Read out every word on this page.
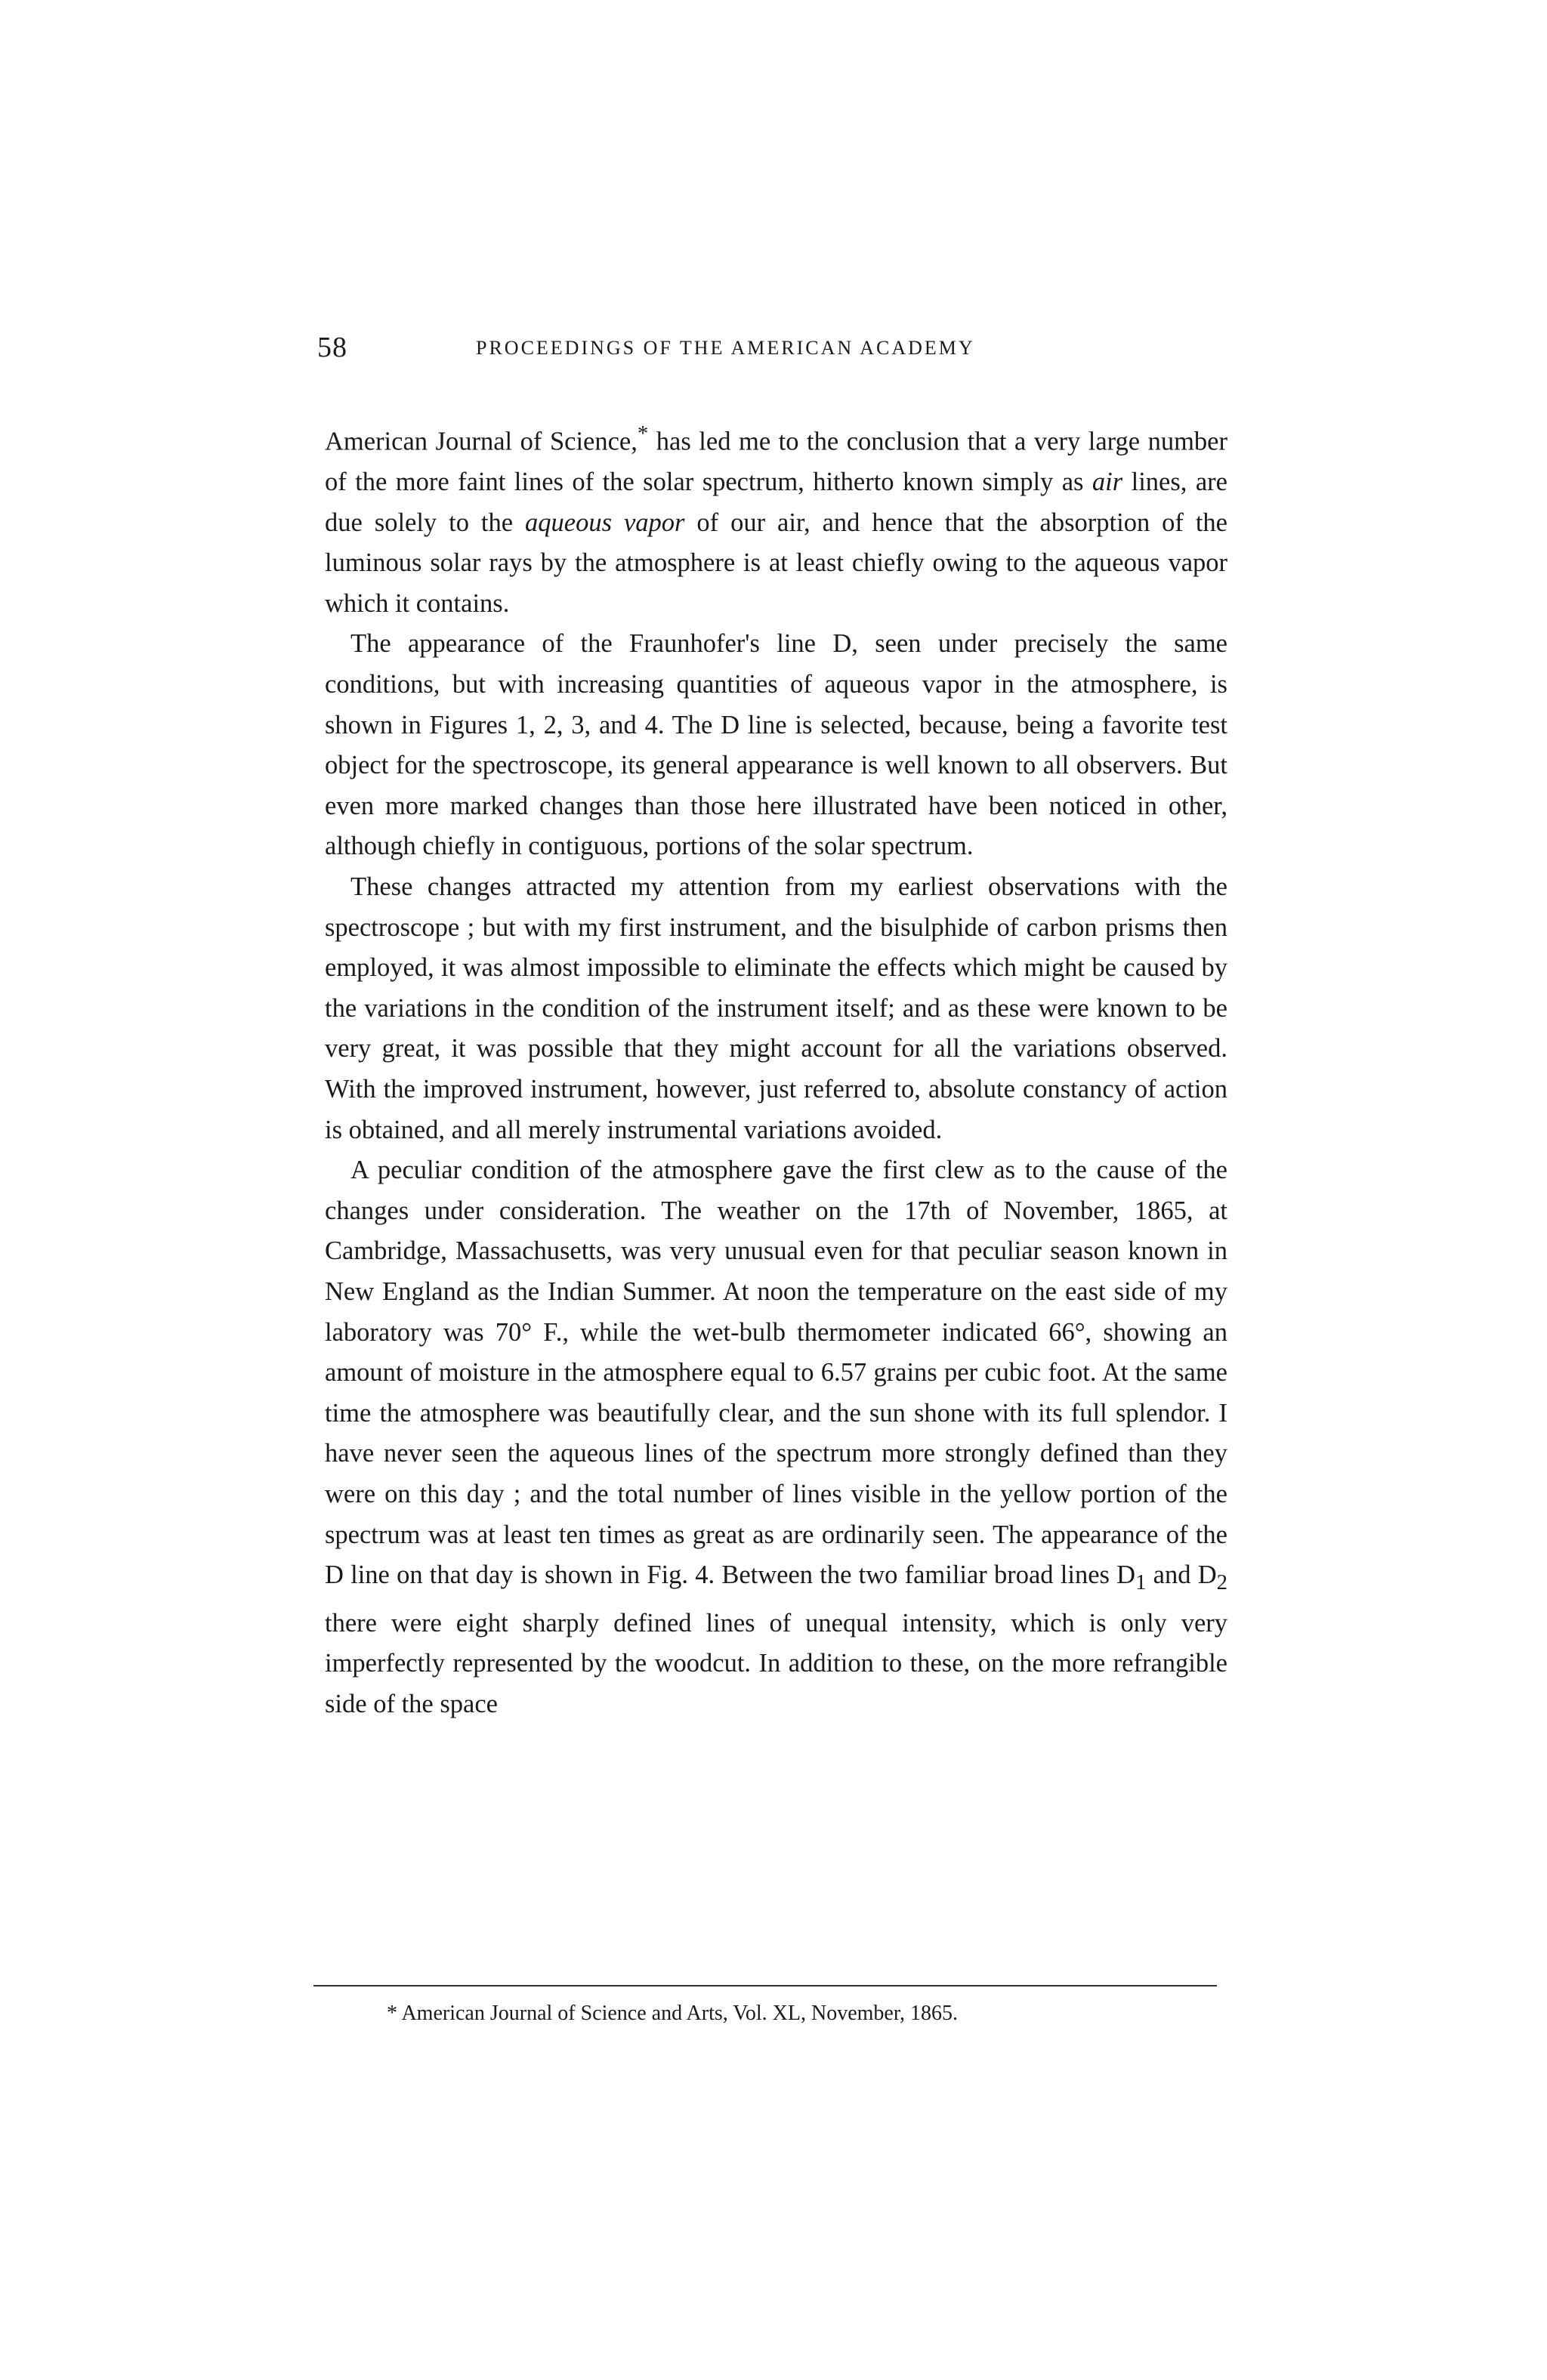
58	PROCEEDINGS OF THE AMERICAN ACADEMY

American Journal of Science,* has led me to the conclusion that a very large number of the more faint lines of the solar spectrum, hitherto known simply as air lines, are due solely to the aqueous vapor of our air, and hence that the absorption of the luminous solar rays by the atmosphere is at least chiefly owing to the aqueous vapor which it contains.

The appearance of the Fraunhofer's line D, seen under precisely the same conditions, but with increasing quantities of aqueous vapor in the atmosphere, is shown in Figures 1, 2, 3, and 4. The D line is selected, because, being a favorite test object for the spectroscope, its general appearance is well known to all observers. But even more marked changes than those here illustrated have been noticed in other, although chiefly in contiguous, portions of the solar spectrum.

These changes attracted my attention from my earliest observations with the spectroscope ; but with my first instrument, and the bisulphide of carbon prisms then employed, it was almost impossible to eliminate the effects which might be caused by the variations in the condition of the instrument itself; and as these were known to be very great, it was possible that they might account for all the variations observed. With the improved instrument, however, just referred to, absolute constancy of action is obtained, and all merely instrumental variations avoided.

A peculiar condition of the atmosphere gave the first clew as to the cause of the changes under consideration. The weather on the 17th of November, 1865, at Cambridge, Massachusetts, was very unusual even for that peculiar season known in New England as the Indian Summer. At noon the temperature on the east side of my laboratory was 70° F., while the wet-bulb thermometer indicated 66°, showing an amount of moisture in the atmosphere equal to 6.57 grains per cubic foot. At the same time the atmosphere was beautifully clear, and the sun shone with its full splendor. I have never seen the aqueous lines of the spectrum more strongly defined than they were on this day ; and the total number of lines visible in the yellow portion of the spectrum was at least ten times as great as are ordinarily seen. The appearance of the D line on that day is shown in Fig. 4. Between the two familiar broad lines $D_1$ and $D_2$ there were eight sharply defined lines of unequal intensity, which is only very imperfectly represented by the woodcut. In addition to these, on the more refrangible side of the space

* American Journal of Science and Arts, Vol. XL, November, 1865.
